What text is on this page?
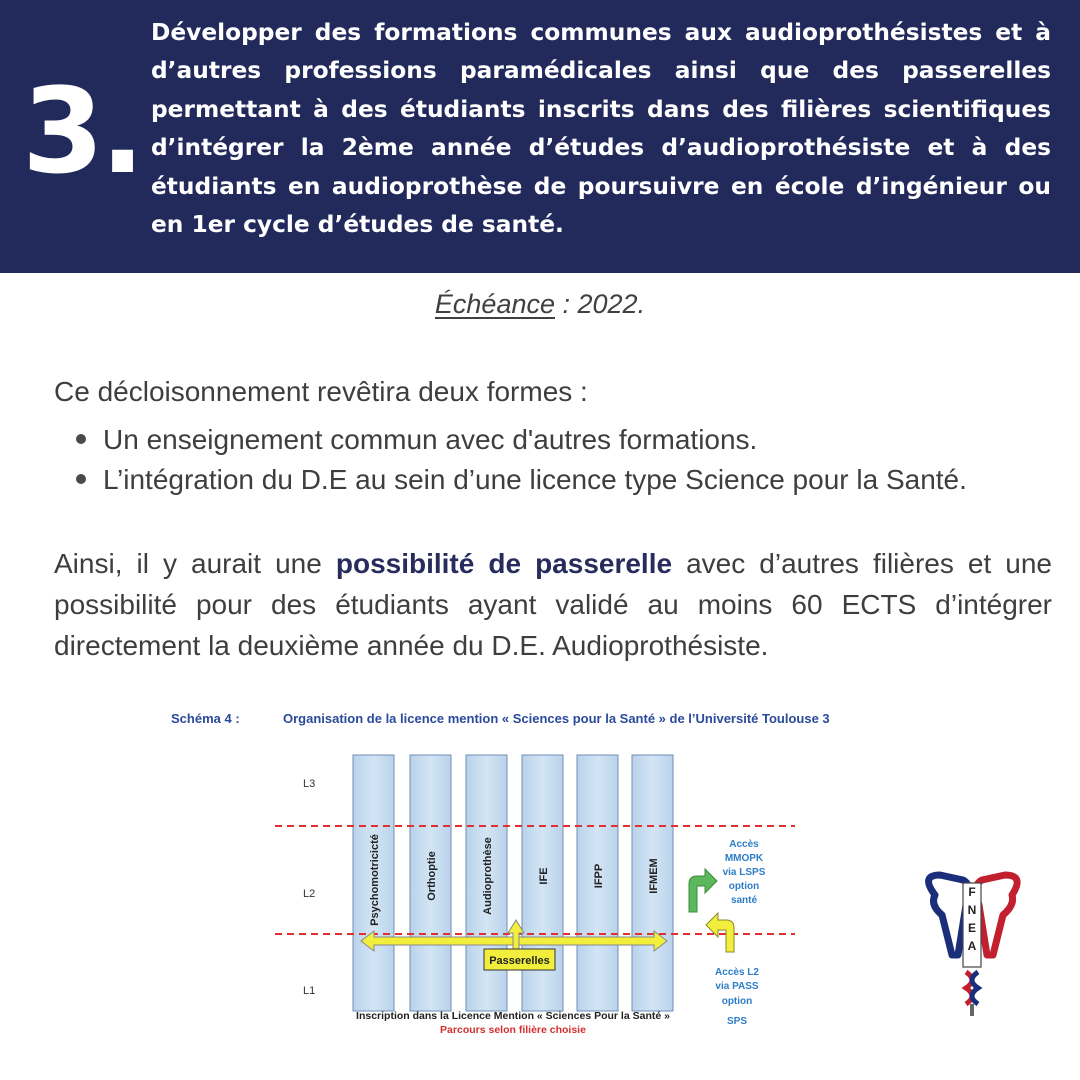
3.
Développer des formations communes aux audioprothésistes et à d’autres professions paramédicales ainsi que des passerelles permettant à des étudiants inscrits dans des filières scientifiques d’intégrer la 2ème année d’études d’audioprothésiste et à des étudiants en audioprothèse de poursuivre en école d’ingénieur ou en 1er cycle d’études de santé.
Échéance : 2022.
Ce décloisonnement revêtira deux formes :
Un enseignement commun avec d'autres formations.
L’intégration du D.E au sein d’une licence type Science pour la Santé.
Ainsi, il y aurait une possibilité de passerelle avec d’autres filières et une possibilité pour des étudiants ayant validé au moins 60 ECTS d’intégrer directement la deuxième année du D.E. Audioprothésiste.
Schéma 4 :	Organisation de la licence mention « Sciences pour la Santé » de l’Université Toulouse 3
L3
L2
L1
Psychomotricicté	Orthoptie	Audioprothèse	IFE	IFPP	IFMEM
Passerelles
Accès
MMOPK
via LSPS
option
santé
Accès L2
via PASS
option
SPS
Inscription dans la Licence Mention « Sciences Pour la Santé »
Parcours selon filière choisie
F
N
E
A
